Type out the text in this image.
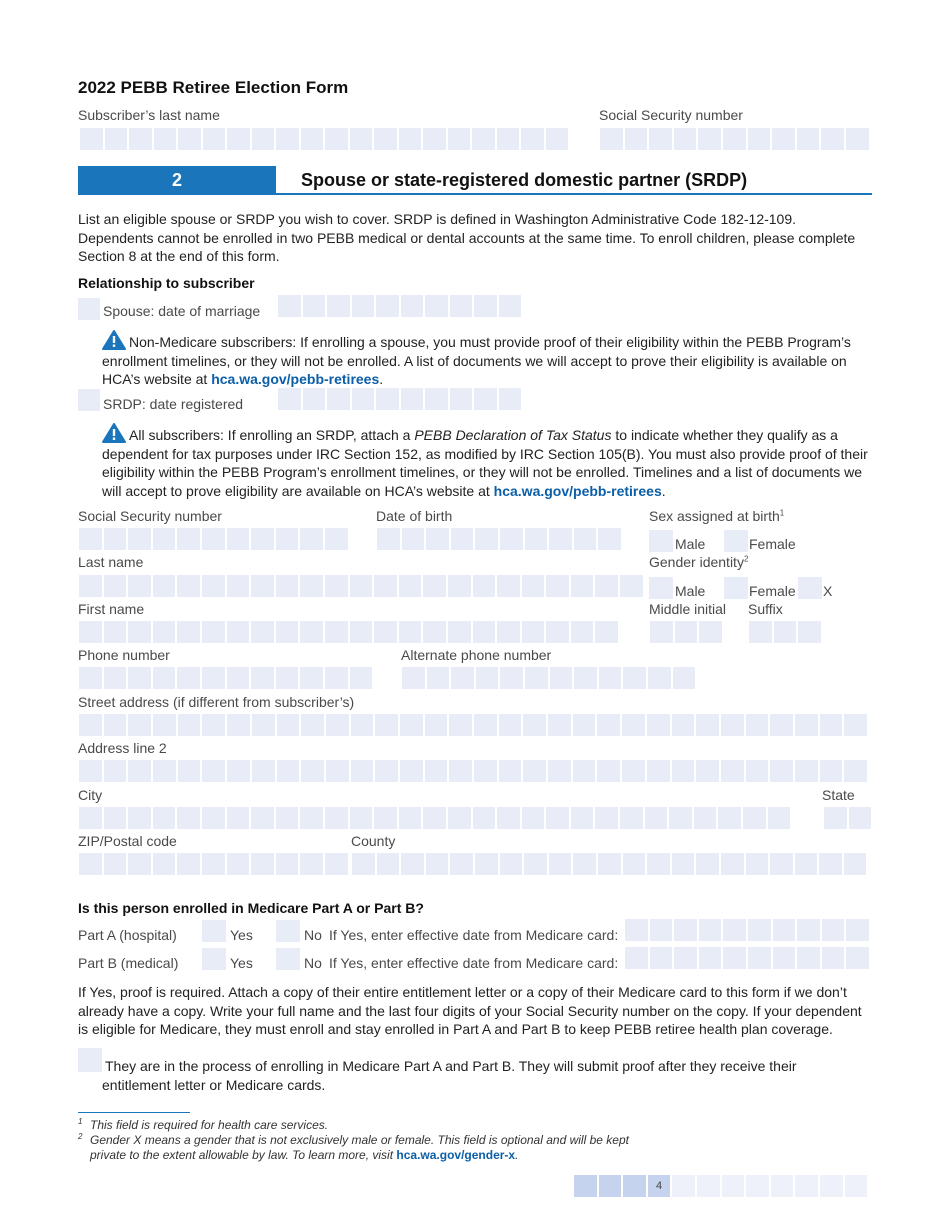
2022 PEBB Retiree Election Form
Subscriber’s last name	Social Security number
2	Spouse or state-registered domestic partner (SRDP)
List an eligible spouse or SRDP you wish to cover. SRDP is defined in Washington Administrative Code 182-12-109. Dependents cannot be enrolled in two PEBB medical or dental accounts at the same time. To enroll children, please complete Section 8 at the end of this form.
Relationship to subscriber
Spouse: date of marriage
Non-Medicare subscribers: If enrolling a spouse, you must provide proof of their eligibility within the PEBB Program’s enrollment timelines, or they will not be enrolled. A list of documents we will accept to prove their eligibility is available on HCA’s website at hca.wa.gov/pebb-retirees.
SRDP: date registered
All subscribers: If enrolling an SRDP, attach a PEBB Declaration of Tax Status to indicate whether they qualify as a dependent for tax purposes under IRC Section 152, as modified by IRC Section 105(B). You must also provide proof of their eligibility within the PEBB Program’s enrollment timelines, or they will not be enrolled. Timelines and a list of documents we will accept to prove eligibility are available on HCA’s website at hca.wa.gov/pebb-retirees.
Social Security number	Date of birth	Sex assigned at birth$^1$
Male	Female
Last name	Gender identity$^2$
Male	Female X
First name	Middle initial Suffix
Phone number	Alternate phone number
Street address (if different from subscriber’s)
Address line 2
City	State
ZIP/Postal code	County
Is this person enrolled in Medicare Part A or Part B?
Part A (hospital)	Yes	No If Yes, enter effective date from Medicare card:
Part B (medical)	Yes	No If Yes, enter effective date from Medicare card:
If Yes, proof is required. Attach a copy of their entire entitlement letter or a copy of their Medicare card to this form if we don’t already have a copy. Write your full name and the last four digits of your Social Security number on the copy. If your dependent is eligible for Medicare, they must enroll and stay enrolled in Part A and Part B to keep PEBB retiree health plan coverage.
They are in the process of enrolling in Medicare Part A and Part B. They will submit proof after they receive their entitlement letter or Medicare cards.
1 This field is required for health care services.
2 Gender X means a gender that is not exclusively male or female. This field is optional and will be kept
private to the extent allowable by law. To learn more, visit hca.wa.gov/gender-x.
4
